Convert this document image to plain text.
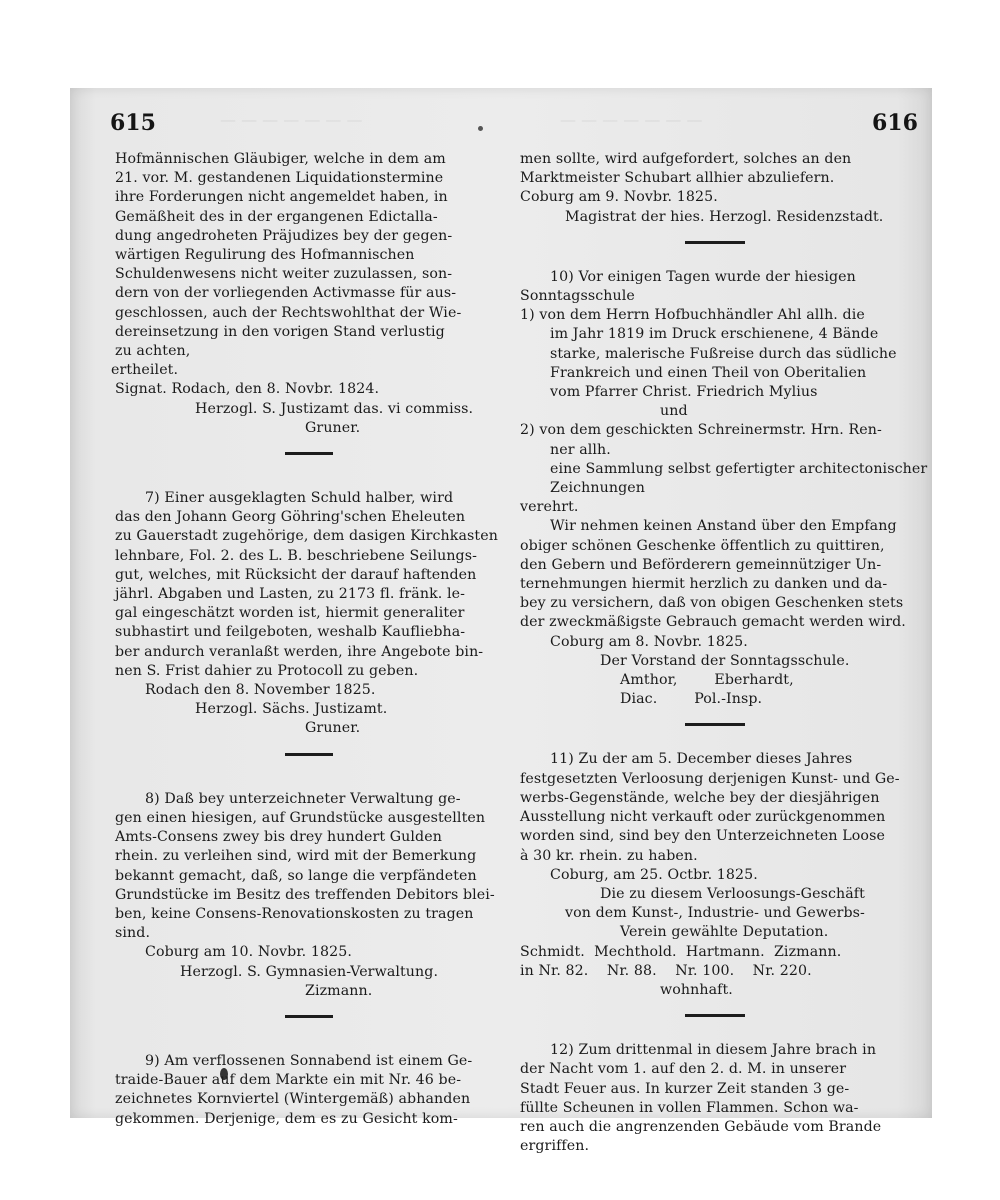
— — — — — — —	— — — — — — —
615	616
Hofmännischen Gläubiger, welche in dem am
21. vor. M. gestandenen Liquidationstermine
ihre Forderungen nicht angemeldet haben, in
Gemäßheit des in der ergangenen Edictalla-
dung angedroheten Präjudizes bey der gegen-
wärtigen Regulirung des Hofmannischen
Schuldenwesens nicht weiter zuzulassen, son-
dern von der vorliegenden Activmasse für aus-
geschlossen, auch der Rechtswohlthat der Wie-
dereinsetzung in den vorigen Stand verlustig
zu achten,
ertheilet.
Signat. Rodach, den 8. Novbr. 1824.
Herzogl. S. Justizamt das. vi commiss.
Gruner.
7) Einer ausgeklagten Schuld halber, wird
das den Johann Georg Göhring'schen Eheleuten
zu Gauerstadt zugehörige, dem dasigen Kirchkasten
lehnbare, Fol. 2. des L. B. beschriebene Seilungs-
gut, welches, mit Rücksicht der darauf haftenden
jährl. Abgaben und Lasten, zu 2173 fl. fränk. le-
gal eingeschätzt worden ist, hiermit generaliter
subhastirt und feilgeboten, weshalb Kaufliebha-
ber andurch veranlaßt werden, ihre Angebote bin-
nen S. Frist dahier zu Protocoll zu geben.
Rodach den 8. November 1825.
Herzogl. Sächs. Justizamt.
Gruner.
8) Daß bey unterzeichneter Verwaltung ge-
gen einen hiesigen, auf Grundstücke ausgestellten
Amts-Consens zwey bis drey hundert Gulden
rhein. zu verleihen sind, wird mit der Bemerkung
bekannt gemacht, daß, so lange die verpfändeten
Grundstücke im Besitz des treffenden Debitors blei-
ben, keine Consens-Renovationskosten zu tragen
sind.
Coburg am 10. Novbr. 1825.
Herzogl. S. Gymnasien-Verwaltung.
Zizmann.
9) Am verflossenen Sonnabend ist einem Ge-
traide-Bauer auf dem Markte ein mit Nr. 46 be-
zeichnetes Kornviertel (Wintergemäß) abhanden
gekommen. Derjenige, dem es zu Gesicht kom-
men sollte, wird aufgefordert, solches an den
Marktmeister Schubart allhier abzuliefern.
Coburg am 9. Novbr. 1825.
Magistrat der hies. Herzogl. Residenzstadt.
10) Vor einigen Tagen wurde der hiesigen
Sonntagsschule
1) von dem Herrn Hofbuchhändler Ahl allh. die
im Jahr 1819 im Druck erschienene, 4 Bände
starke, malerische Fußreise durch das südliche
Frankreich und einen Theil von Oberitalien
vom Pfarrer Christ. Friedrich Mylius
und
2) von dem geschickten Schreinermstr. Hrn. Ren-
ner allh.
eine Sammlung selbst gefertigter architectonischer
Zeichnungen
verehrt.
Wir nehmen keinen Anstand über den Empfang
obiger schönen Geschenke öffentlich zu quittiren,
den Gebern und Beförderern gemeinnütziger Un-
ternehmungen hiermit herzlich zu danken und da-
bey zu versichern, daß von obigen Geschenken stets
der zweckmäßigste Gebrauch gemacht werden wird.
Coburg am 8. Novbr. 1825.
Der Vorstand der Sonntagsschule.
Amthor,        Eberhardt,
Diac.        Pol.-Insp.
11) Zu der am 5. December dieses Jahres
festgesetzten Verloosung derjenigen Kunst- und Ge-
werbs-Gegenstände, welche bey der diesjährigen
Ausstellung nicht verkauft oder zurückgenommen
worden sind, sind bey den Unterzeichneten Loose
à 30 kr. rhein. zu haben.
Coburg, am 25. Octbr. 1825.
Die zu diesem Verloosungs-Geschäft
von dem Kunst-, Industrie- und Gewerbs-
Verein gewählte Deputation.
Schmidt.  Mechthold.  Hartmann.  Zizmann.
in Nr. 82.    Nr. 88.    Nr. 100.    Nr. 220.
wohnhaft.
12) Zum drittenmal in diesem Jahre brach in
der Nacht vom 1. auf den 2. d. M. in unserer
Stadt Feuer aus. In kurzer Zeit standen 3 ge-
füllte Scheunen in vollen Flammen. Schon wa-
ren auch die angrenzenden Gebäude vom Brande
ergriffen.
